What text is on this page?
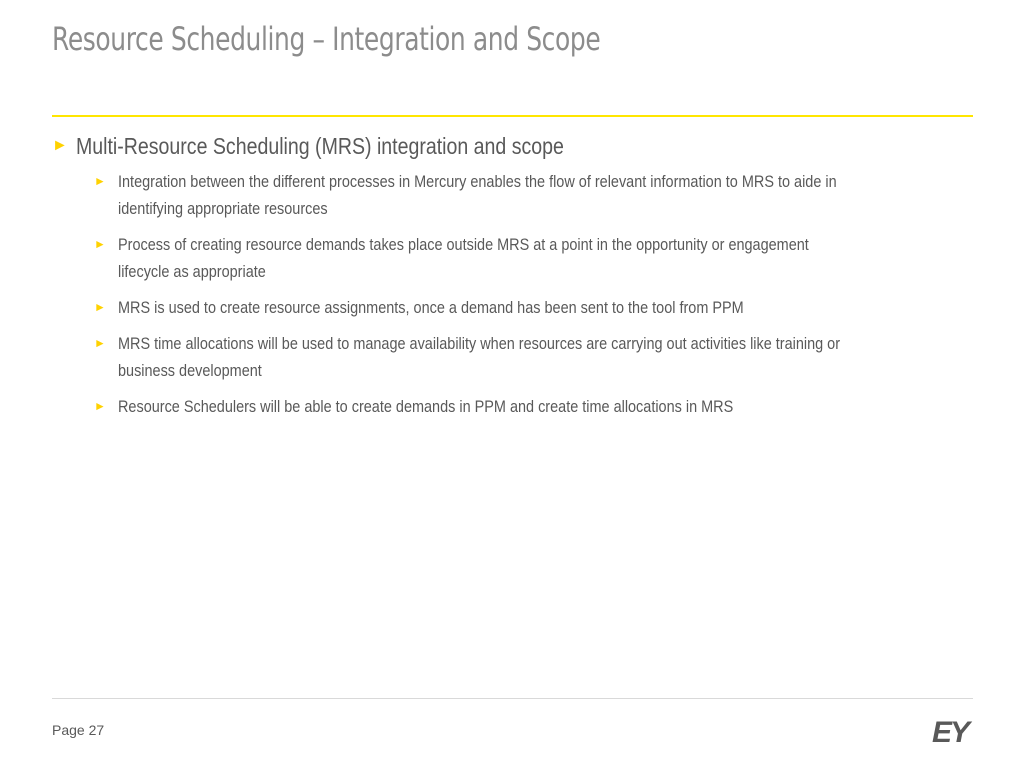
Resource Scheduling – Integration and Scope
► Multi-Resource Scheduling (MRS) integration and scope
► Integration between the different processes in Mercury enables the flow of relevant information to MRS to aide in identifying appropriate resources
► Process of creating resource demands takes place outside MRS at a point in the opportunity or engagement lifecycle as appropriate
► MRS is used to create resource assignments, once a demand has been sent to the tool from PPM
► MRS time allocations will be used to manage availability when resources are carrying out activities like training or business development
► Resource Schedulers will be able to create demands in PPM and create time allocations in MRS
Page 27	EY
